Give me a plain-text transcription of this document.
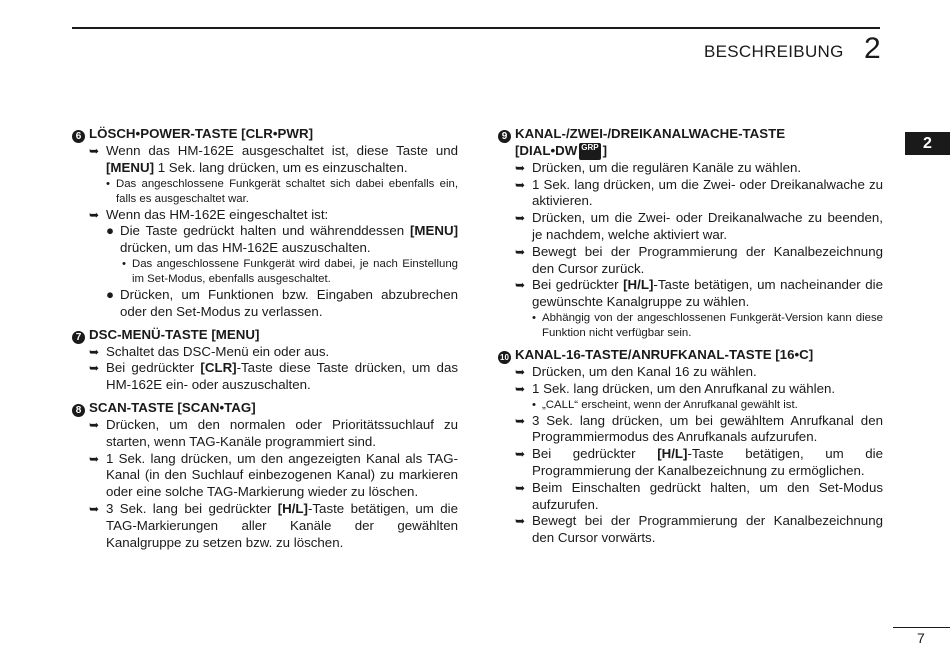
BESCHREIBUNG 2
2
6 LÖSCH•POWER-TASTE [CLR•PWR]
➥ Wenn das HM-162E ausgeschaltet ist, diese Taste und [MENU] 1 Sek. lang drücken, um es einzuschalten.
• Das angeschlossene Funkgerät schaltet sich dabei ebenfalls ein, falls es ausgeschaltet war.
➥ Wenn das HM-162E eingeschaltet ist:
● Die Taste gedrückt halten und währenddessen [MENU] drücken, um das HM-162E auszuschalten.
• Das angeschlossene Funkgerät wird dabei, je nach Einstellung im Set-Modus, ebenfalls ausgeschaltet.
● Drücken, um Funktionen bzw. Eingaben abzubrechen oder den Set-Modus zu verlassen.
7 DSC-MENÜ-TASTE [MENU]
➥ Schaltet das DSC-Menü ein oder aus.
➥ Bei gedrückter [CLR]-Taste diese Taste drücken, um das HM-162E ein- oder auszuschalten.
8 SCAN-TASTE [SCAN•TAG]
➥ Drücken, um den normalen oder Prioritätssuchlauf zu starten, wenn TAG-Kanäle programmiert sind.
➥ 1 Sek. lang drücken, um den angezeigten Kanal als TAG-Kanal (in den Suchlauf einbezogenen Kanal) zu markieren oder eine solche TAG-Markierung wieder zu löschen.
➥ 3 Sek. lang bei gedrückter [H/L]-Taste betätigen, um die TAG-Markierungen aller Kanäle der gewählten Kanalgruppe zu setzen bzw. zu löschen.
9 KANAL-/ZWEI-/DREIKANALWACHE-TASTE
[DIAL•DW GRP ]
➥ Drücken, um die regulären Kanäle zu wählen.
➥ 1 Sek. lang drücken, um die Zwei- oder Dreikanalwache zu aktivieren.
➥ Drücken, um die Zwei- oder Dreikanalwache zu beenden, je nachdem, welche aktiviert war.
➥ Bewegt bei der Programmierung der Kanalbezeichnung den Cursor zurück.
➥ Bei gedrückter [H/L]-Taste betätigen, um nacheinander die gewünschte Kanalgruppe zu wählen.
• Abhängig von der angeschlossenen Funkgerät-Version kann diese Funktion nicht verfügbar sein.
10 KANAL-16-TASTE/ANRUFKANAL-TASTE [16•C]
➥ Drücken, um den Kanal 16 zu wählen.
➥ 1 Sek. lang drücken, um den Anrufkanal zu wählen.
• „CALL“ erscheint, wenn der Anrufkanal gewählt ist.
➥ 3 Sek. lang drücken, um bei gewähltem Anrufkanal den Programmiermodus des Anrufkanals aufzurufen.
➥ Bei gedrückter [H/L]-Taste betätigen, um die Programmierung der Kanalbezeichnung zu ermöglichen.
➥ Beim Einschalten gedrückt halten, um den Set-Modus aufzurufen.
➥ Bewegt bei der Programmierung der Kanalbezeichnung den Cursor vorwärts.
7
